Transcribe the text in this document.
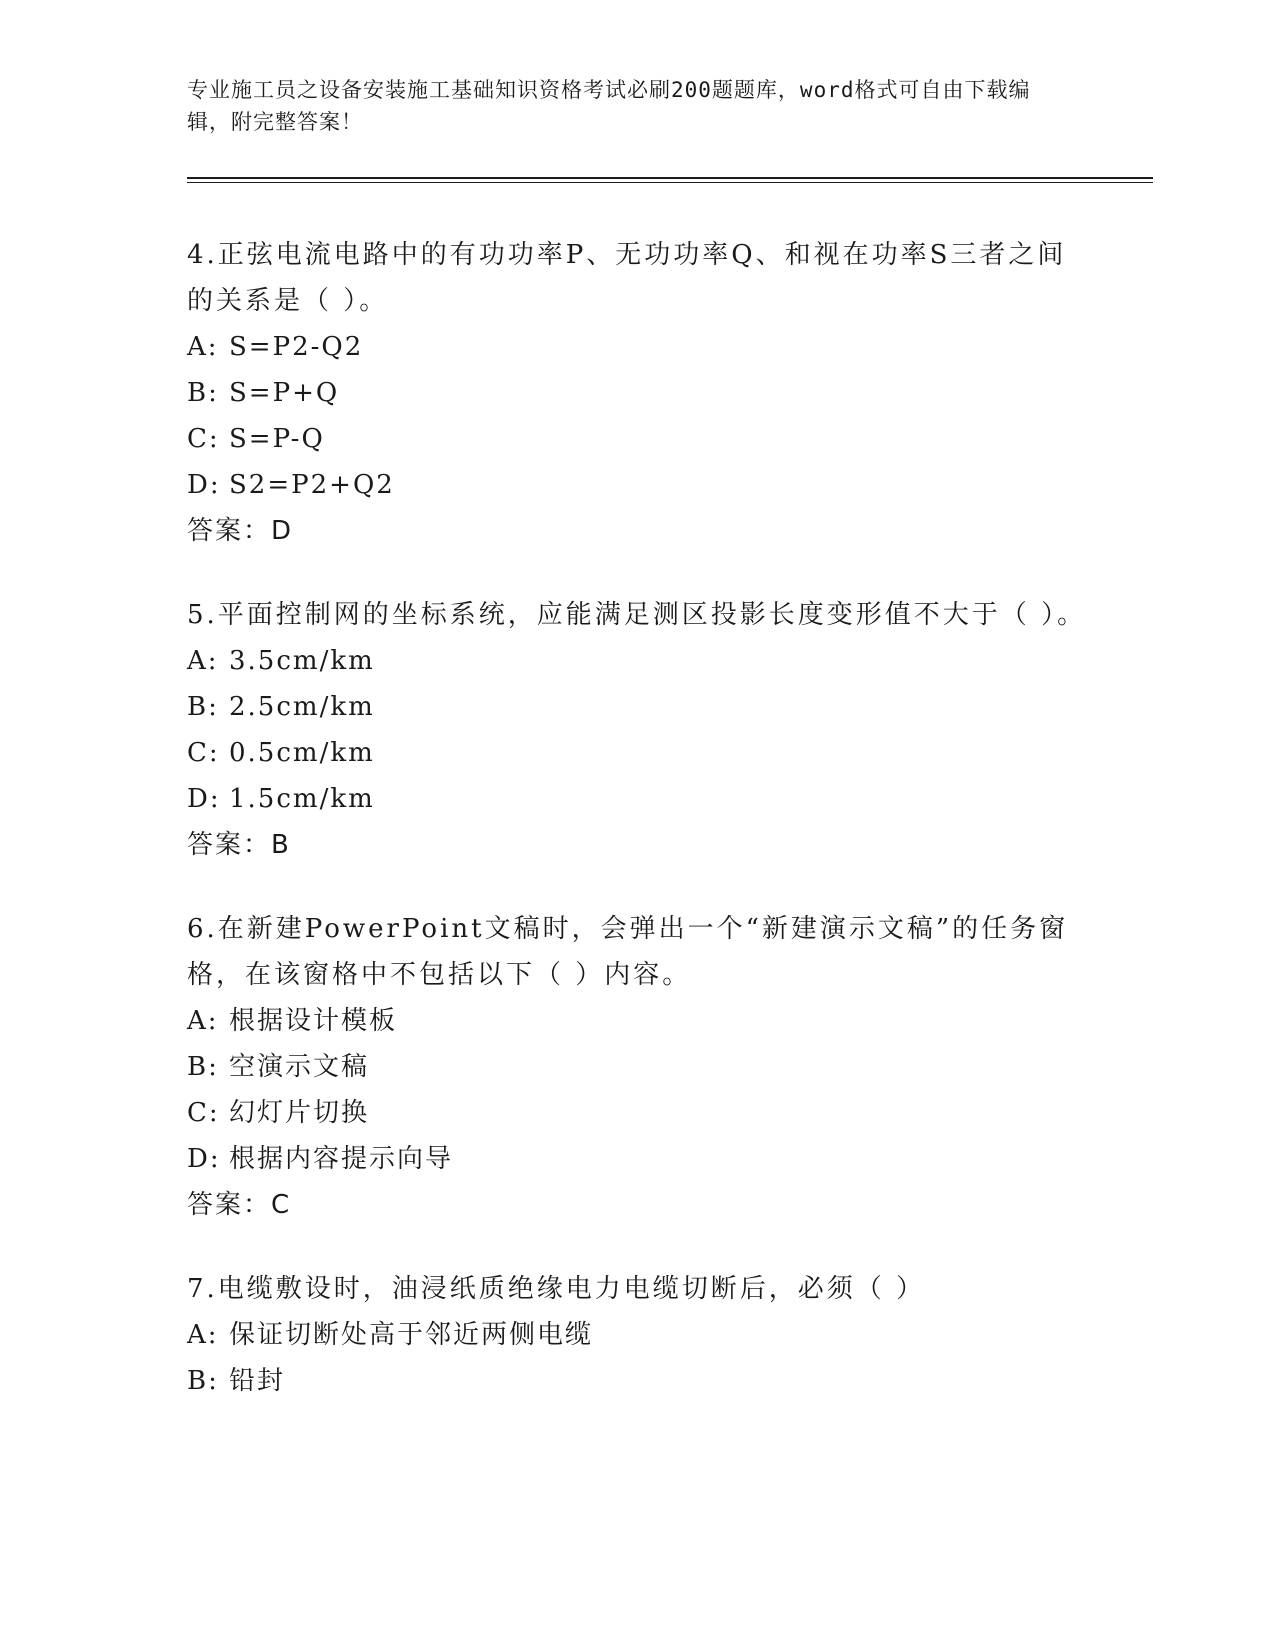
专业施工员之设备安装施工基础知识资格考试必刷200题题库，word格式可自由下载编辑，附完整答案！

4.正弦电流电路中的有功功率P、无功功率Q、和视在功率S三者之间的关系是（ ）。

A: S=P2-Q2

B: S=P+Q

C: S=P-Q

D: S2=P2+Q2

答案：D

5.平面控制网的坐标系统，应能满足测区投影长度变形值不大于（ ）。

A: 3.5cm/km

B: 2.5cm/km

C: 0.5cm/km

D: 1.5cm/km

答案：B

6.在新建PowerPoint文稿时，会弹出一个“新建演示文稿”的任务窗格，在该窗格中不包括以下（ ）内容。

A: 根据设计模板

B: 空演示文稿

C: 幻灯片切换

D: 根据内容提示向导

答案：C

7.电缆敷设时，油浸纸质绝缘电力电缆切断后，必须（ ）

A: 保证切断处高于邻近两侧电缆

B: 铅封
